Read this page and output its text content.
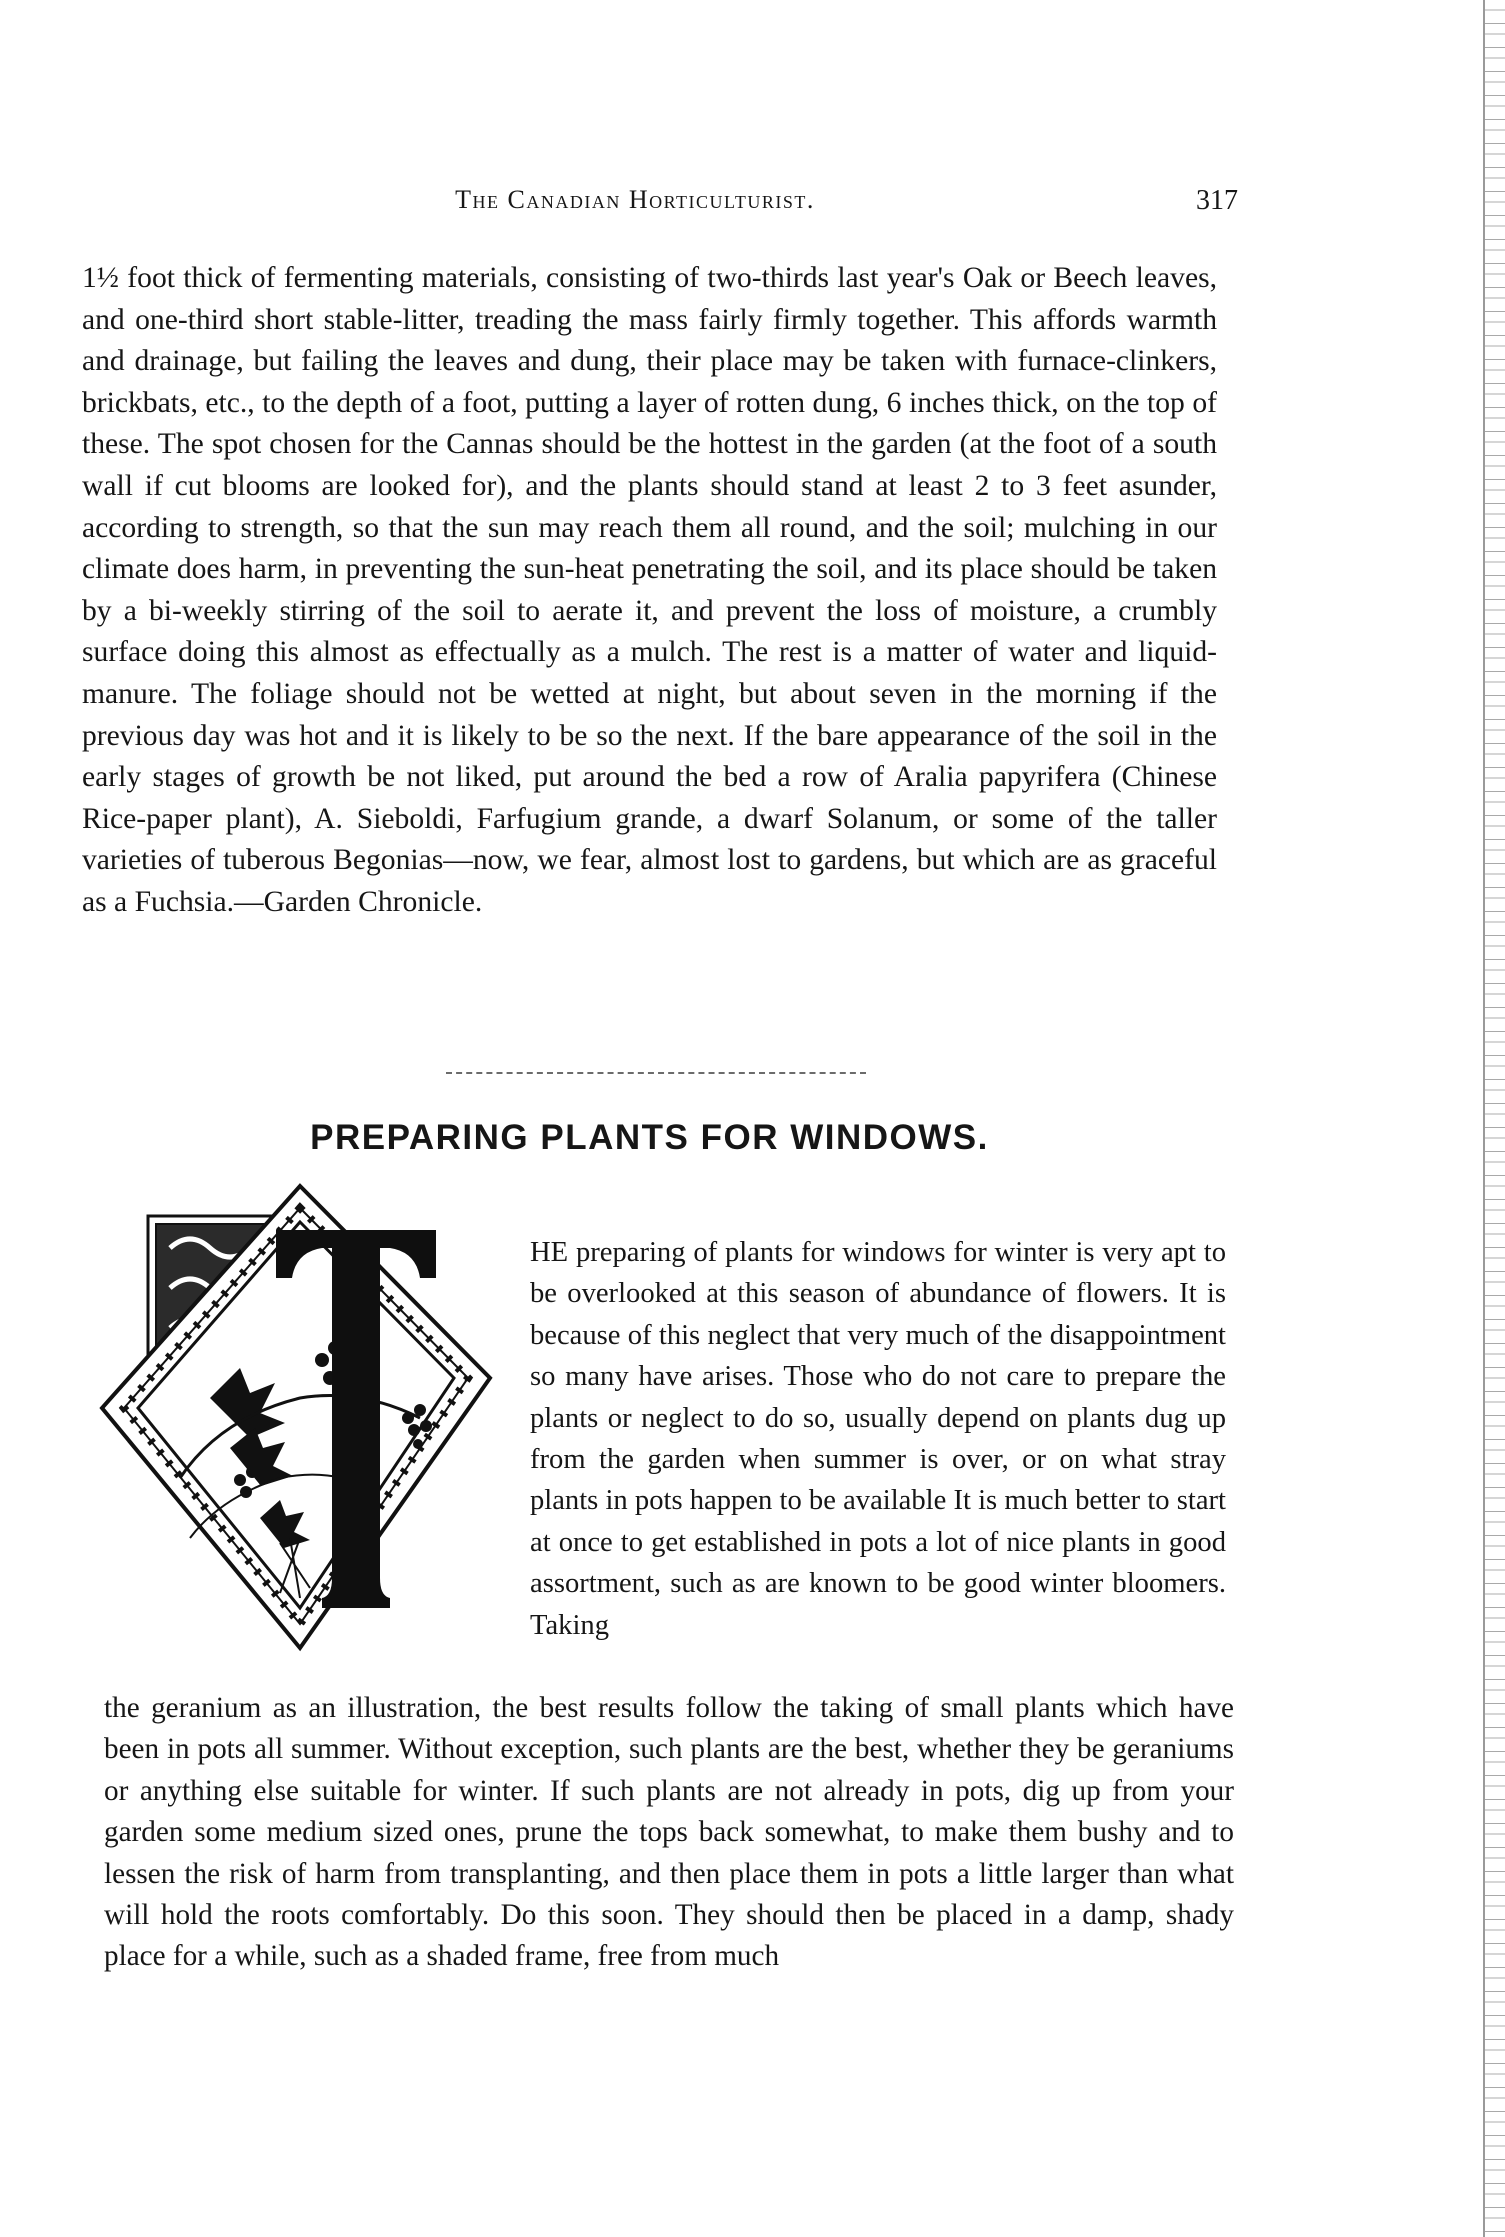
The Canadian Horticulturist.	317
1½ foot thick of fermenting materials, consisting of two-thirds last year's Oak or Beech leaves, and one-third short stable-litter, treading the mass fairly firmly together. This affords warmth and drainage, but failing the leaves and dung, their place may be taken with furnace-clinkers, brickbats, etc., to the depth of a foot, putting a layer of rotten dung, 6 inches thick, on the top of these. The spot chosen for the Cannas should be the hottest in the garden (at the foot of a south wall if cut blooms are looked for), and the plants should stand at least 2 to 3 feet asunder, according to strength, so that the sun may reach them all round, and the soil; mulching in our climate does harm, in preventing the sun-heat penetrating the soil, and its place should be taken by a bi-weekly stirring of the soil to aerate it, and prevent the loss of moisture, a crumbly surface doing this almost as effectually as a mulch. The rest is a matter of water and liquid-manure. The foliage should not be wetted at night, but about seven in the morning if the previous day was hot and it is likely to be so the next. If the bare appearance of the soil in the early stages of growth be not liked, put around the bed a row of Aralia papyrifera (Chinese Rice-paper plant), A. Sieboldi, Farfugium grande, a dwarf Solanum, or some of the taller varieties of tuberous Begonias—now, we fear, almost lost to gardens, but which are as graceful as a Fuchsia.—Garden Chronicle.
PREPARING PLANTS FOR WINDOWS.
HE preparing of plants for windows for winter is very apt to be overlooked at this season of abundance of flowers. It is because of this neglect that very much of the disappointment so many have arises. Those who do not care to prepare the plants or neglect to do so, usually depend on plants dug up from the garden when summer is over, or on what stray plants in pots happen to be available It is much better to start at once to get established in pots a lot of nice plants in good assortment, such as are known to be good winter bloomers. Taking
the geranium as an illustration, the best results follow the taking of small plants which have been in pots all summer. Without exception, such plants are the best, whether they be geraniums or anything else suitable for winter. If such plants are not already in pots, dig up from your garden some medium sized ones, prune the tops back somewhat, to make them bushy and to lessen the risk of harm from transplanting, and then place them in pots a little larger than what will hold the roots comfortably. Do this soon. They should then be placed in a damp, shady place for a while, such as a shaded frame, free from much
